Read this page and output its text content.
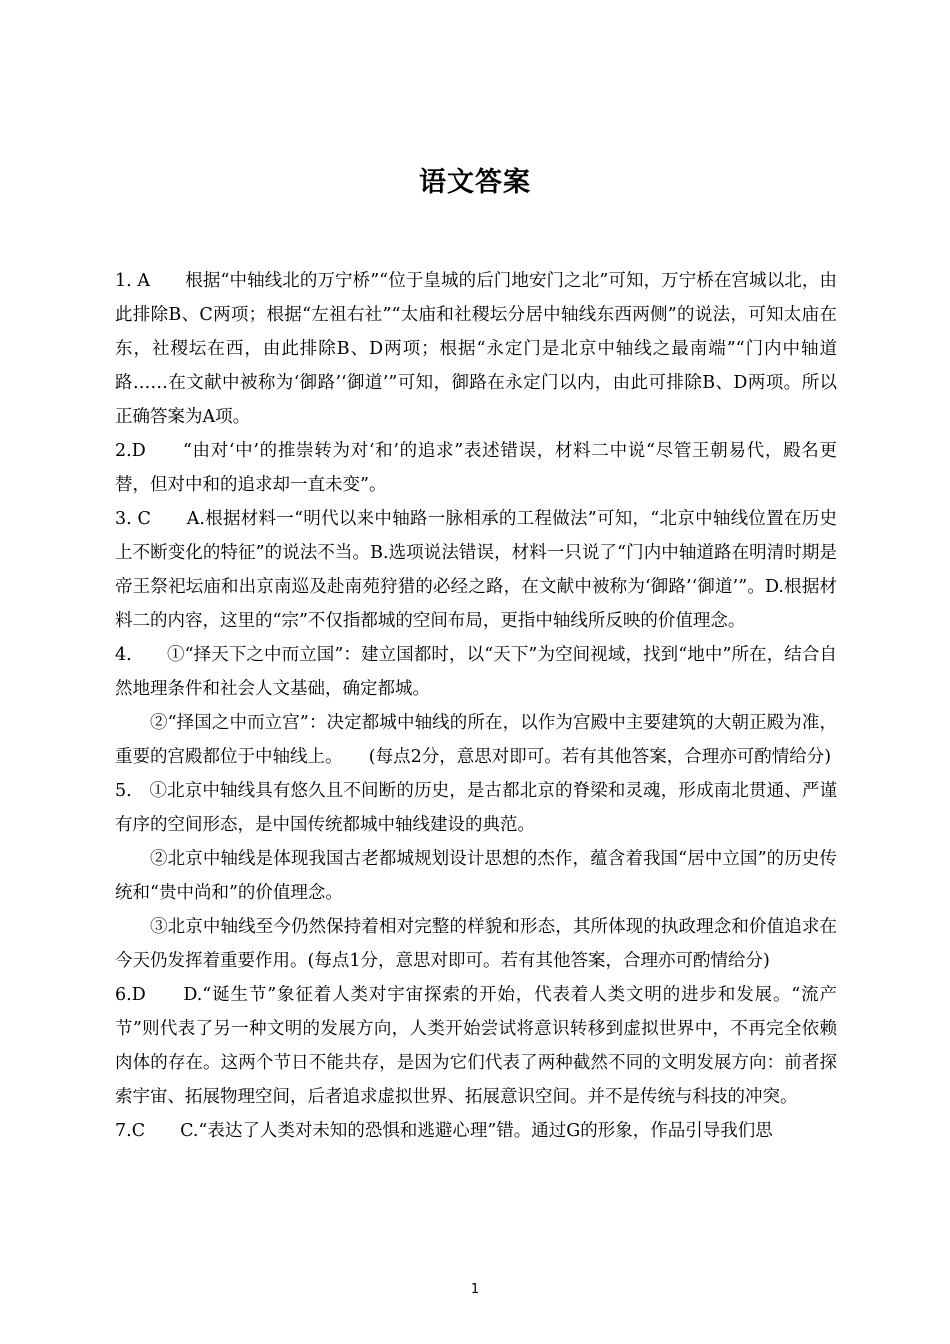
语文答案

1. A　　根据“中轴线北的万宁桥”“位于皇城的后门地安门之北”可知，万宁桥在宫城以北，由此排除B、C两项；根据“左祖右社”“太庙和社稷坛分居中轴线东西两侧”的说法，可知太庙在东，社稷坛在西，由此排除B、D两项；根据“永定门是北京中轴线之最南端”“门内中轴道路……在文献中被称为‘御路’‘御道’”可知，御路在永定门以内，由此可排除B、D两项。所以正确答案为A项。

2.D　　“由对‘中’的推崇转为对‘和’的追求”表述错误，材料二中说“尽管王朝易代，殿名更替，但对中和的追求却一直未变”。

3. C　　A.根据材料一“明代以来中轴路一脉相承的工程做法”可知，“北京中轴线位置在历史上不断变化的特征”的说法不当。B.选项说法错误，材料一只说了“门内中轴道路在明清时期是帝王祭祀坛庙和出京南巡及赴南苑狩猎的必经之路，在文献中被称为‘御路’‘御道’”。D.根据材料二的内容，这里的“宗”不仅指都城的空间布局，更指中轴线所反映的价值理念。

4.　　①“择天下之中而立国”：建立国都时，以“天下”为空间视域，找到“地中”所在，结合自然地理条件和社会人文基础，确定都城。

②“择国之中而立宫”：决定都城中轴线的所在，以作为宫殿中主要建筑的大朝正殿为准，重要的宫殿都位于中轴线上。　　(每点2分，意思对即可。若有其他答案，合理亦可酌情给分)

5.　①北京中轴线具有悠久且不间断的历史，是古都北京的脊梁和灵魂，形成南北贯通、严谨有序的空间形态，是中国传统都城中轴线建设的典范。

②北京中轴线是体现我国古老都城规划设计思想的杰作，蕴含着我国“居中立国”的历史传统和“贵中尚和”的价值理念。

③北京中轴线至今仍然保持着相对完整的样貌和形态，其所体现的执政理念和价值追求在今天仍发挥着重要作用。(每点1分，意思对即可。若有其他答案，合理亦可酌情给分)

6.D　　D.“诞生节”象征着人类对宇宙探索的开始，代表着人类文明的进步和发展。“流产节”则代表了另一种文明的发展方向，人类开始尝试将意识转移到虚拟世界中，不再完全依赖肉体的存在。这两个节日不能共存，是因为它们代表了两种截然不同的文明发展方向：前者探索宇宙、拓展物理空间，后者追求虚拟世界、拓展意识空间。并不是传统与科技的冲突。

7.C　　C.“表达了人类对未知的恐惧和逃避心理”错。通过G的形象，作品引导我们思

1
